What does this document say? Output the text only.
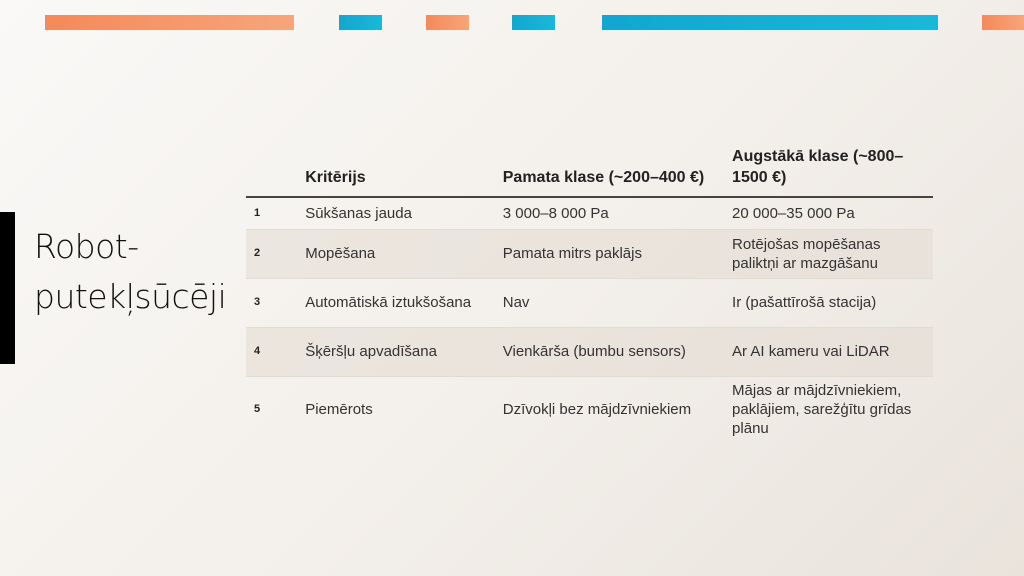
Robot-putekļsūcēji
	Kritērijs	Pamata klase (~200–400 €)	Augstākā klase (~800–1500 €)
1	Sūkšanas jauda	3 000–8 000 Pa	20 000–35 000 Pa
2	Mopēšana	Pamata mitrs paklājs	Rotējošas mopēšanas paliktņi ar mazgāšanu
3	Automātiskā iztukšošana	Nav	Ir (pašattīrošā stacija)
4	Šķēršļu apvadīšana	Vienkārša (bumbu sensors)	Ar AI kameru vai LiDAR
5	Piemērots	Dzīvokļi bez mājdzīvniekiem	Mājas ar mājdzīvniekiem, paklājiem, sarežģītu grīdas plānu
